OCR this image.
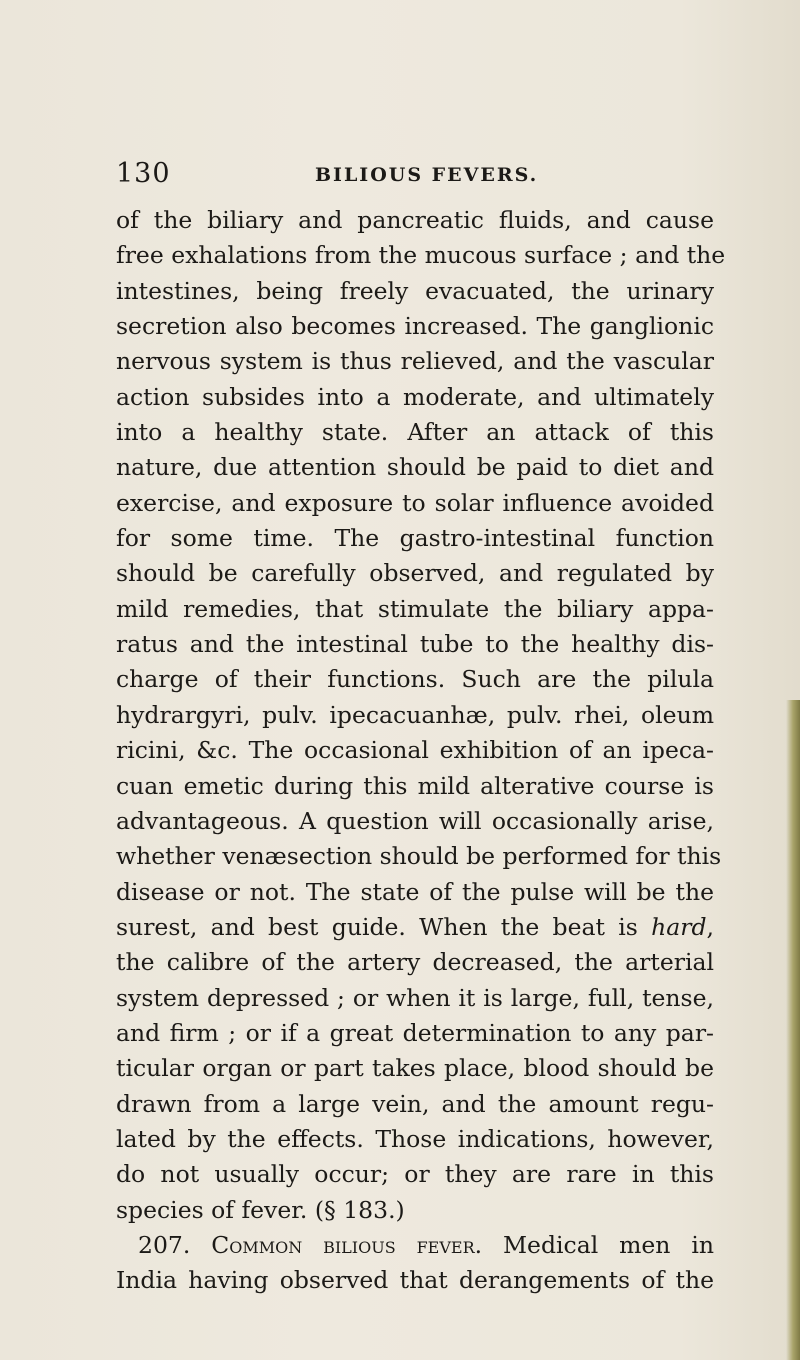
130	BILIOUS FEVERS.
of the biliary and pancreatic fluids, and cause
free exhalations from the mucous surface ; and the
intestines, being freely evacuated, the urinary
secretion also becomes increased. The ganglionic
nervous system is thus relieved, and the vascular
action subsides into a moderate, and ultimately
into a healthy state. After an attack of this
nature, due attention should be paid to diet and
exercise, and exposure to solar influence avoided
for some time. The gastro-intestinal function
should be carefully observed, and regulated by
mild remedies, that stimulate the biliary appa-
ratus and the intestinal tube to the healthy dis-
charge of their functions. Such are the pilula
hydrargyri, pulv. ipecacuanhæ, pulv. rhei, oleum
ricini, &c. The occasional exhibition of an ipeca-
cuan emetic during this mild alterative course is
advantageous. A question will occasionally arise,
whether venæsection should be performed for this
disease or not. The state of the pulse will be the
surest, and best guide. When the beat is hard,
the calibre of the artery decreased, the arterial
system depressed ; or when it is large, full, tense,
and firm ; or if a great determination to any par-
ticular organ or part takes place, blood should be
drawn from a large vein, and the amount regu-
lated by the effects. Those indications, however,
do not usually occur; or they are rare in this
species of fever. (§ 183.)
207. Common bilious fever. Medical men in
India having observed that derangements of the
